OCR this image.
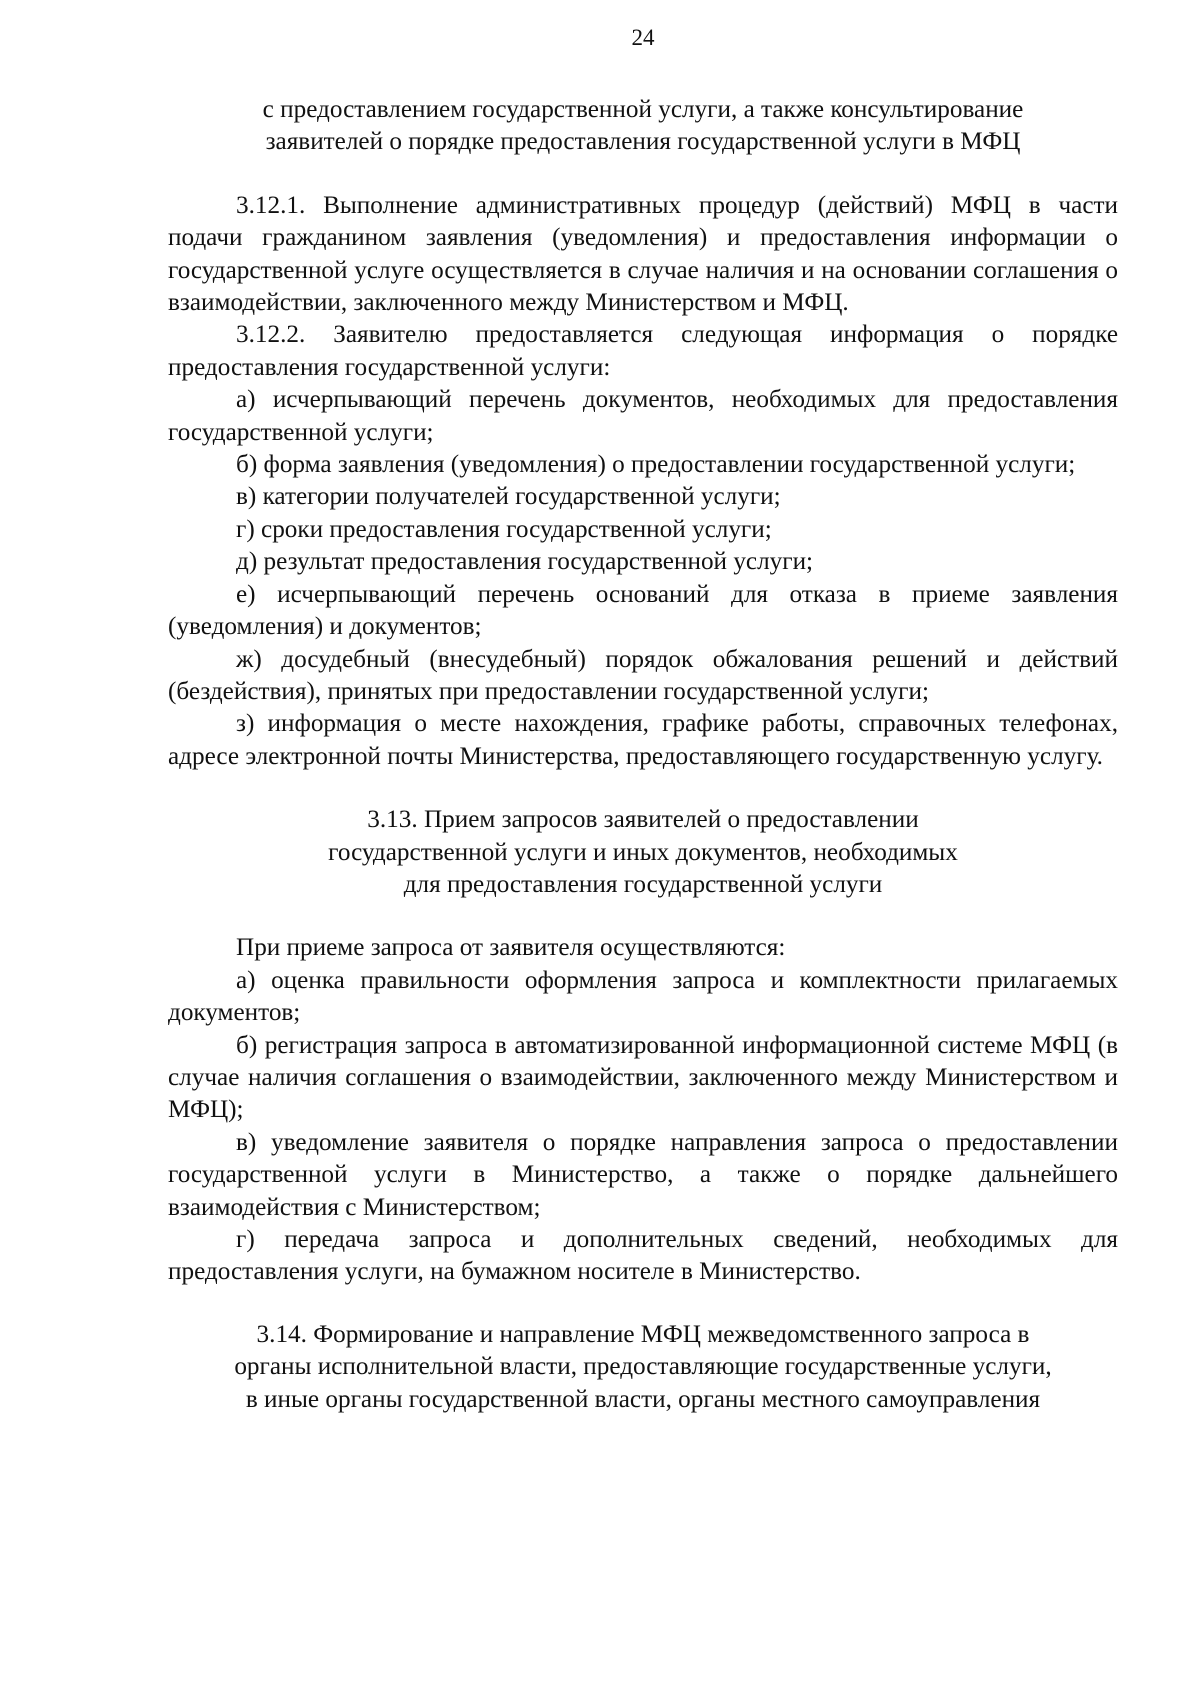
24
с предоставлением государственной услуги, а также консультирование
заявителей о порядке предоставления государственной услуги в МФЦ

3.12.1. Выполнение административных процедур (действий) МФЦ в части подачи гражданином заявления (уведомления) и предоставления информации о государственной услуге осуществляется в случае наличия и на основании соглашения о взаимодействии, заключенного между Министерством и МФЦ.

3.12.2. Заявителю предоставляется следующая информация о порядке предоставления государственной услуги:

а) исчерпывающий перечень документов, необходимых для предоставления государственной услуги;

б) форма заявления (уведомления) о предоставлении государственной услуги;

в) категории получателей государственной услуги;

г) сроки предоставления государственной услуги;

д) результат предоставления государственной услуги;

е) исчерпывающий перечень оснований для отказа в приеме заявления (уведомления) и документов;

ж) досудебный (внесудебный) порядок обжалования решений и действий (бездействия), принятых при предоставлении государственной услуги;

з) информация о месте нахождения, графике работы, справочных телефонах, адресе электронной почты Министерства, предоставляющего государственную услугу.

3.13. Прием запросов заявителей о предоставлении
государственной услуги и иных документов, необходимых
для предоставления государственной услуги

При приеме запроса от заявителя осуществляются:

а) оценка правильности оформления запроса и комплектности прилагаемых документов;

б) регистрация запроса в автоматизированной информационной системе МФЦ (в случае наличия соглашения о взаимодействии, заключенного между Министерством и МФЦ);

в) уведомление заявителя о порядке направления запроса о предоставлении государственной услуги в Министерство, а также о порядке дальнейшего взаимодействия с Министерством;

г) передача запроса и дополнительных сведений, необходимых для предоставления услуги, на бумажном носителе в Министерство.

3.14. Формирование и направление МФЦ межведомственного запроса в
органы исполнительной власти, предоставляющие государственные услуги,
в иные органы государственной власти, органы местного самоуправления
